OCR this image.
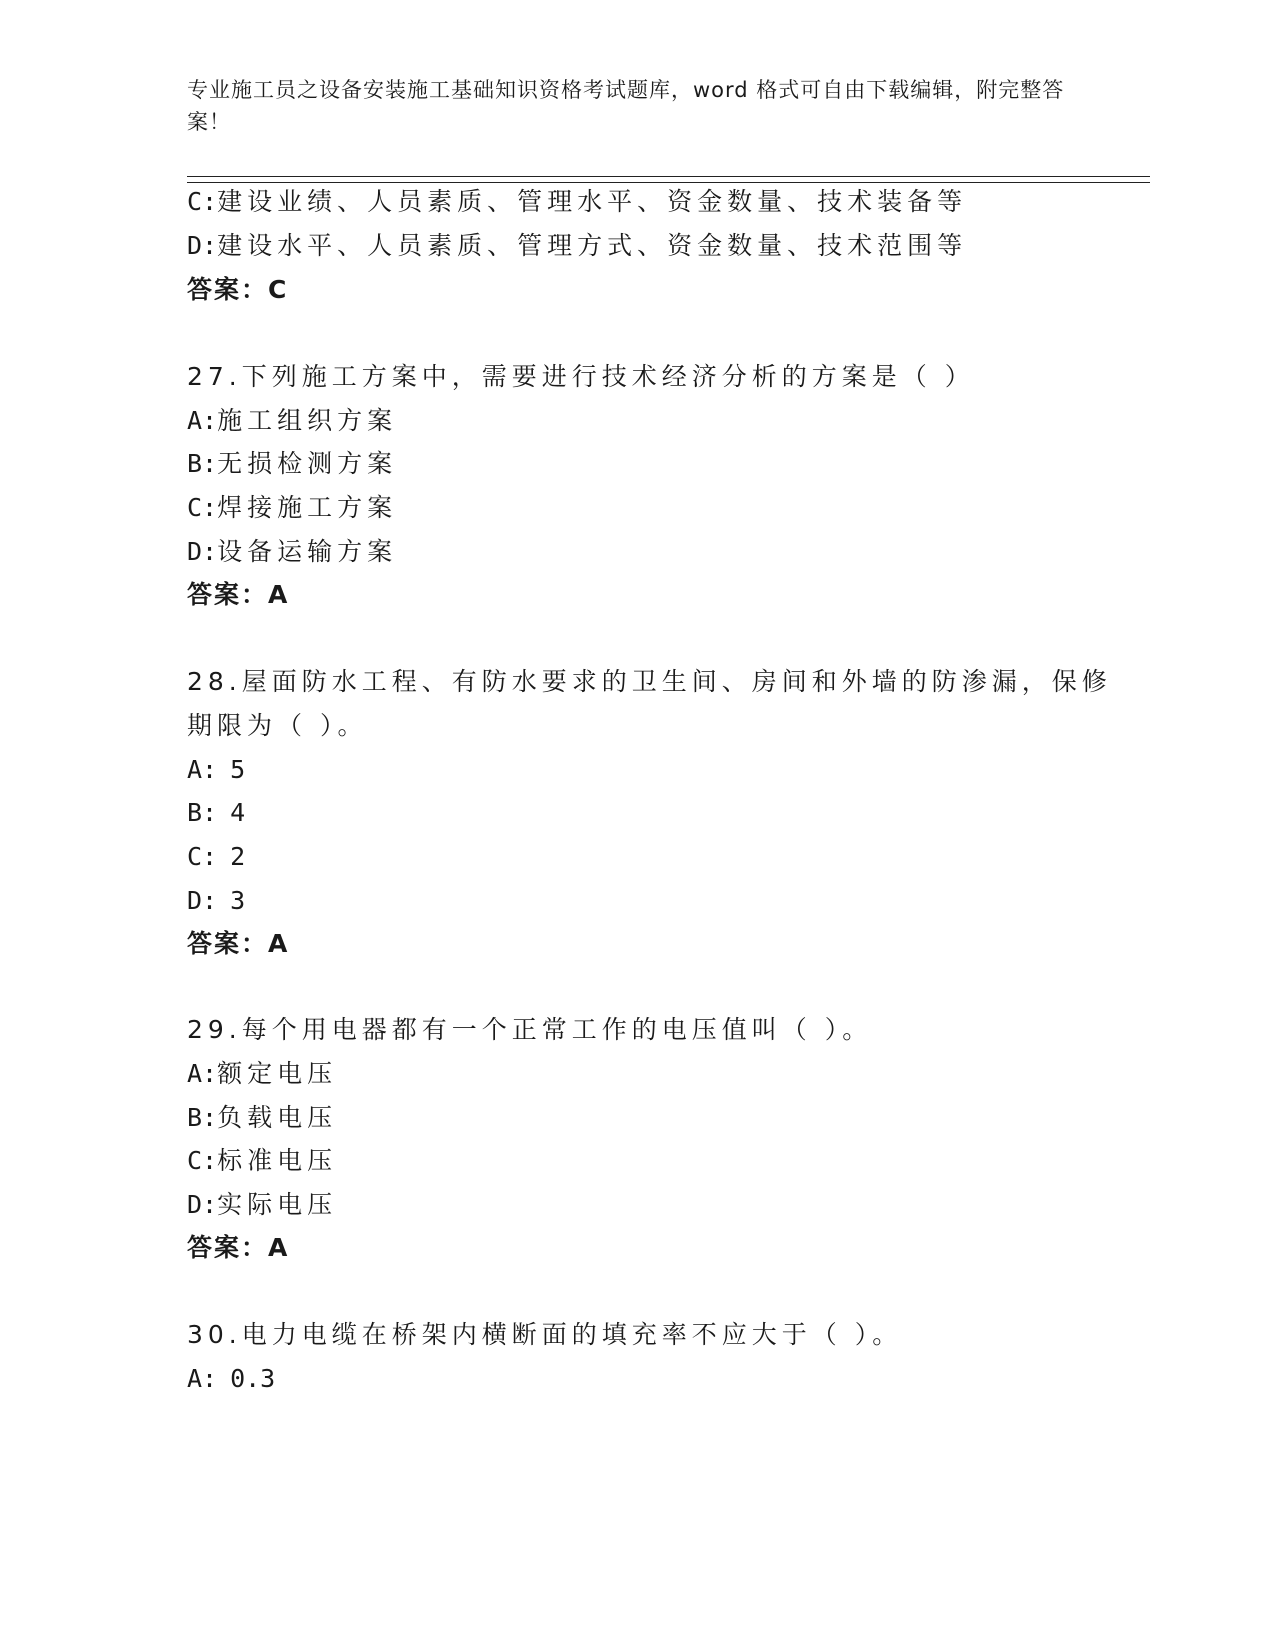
专业施工员之设备安装施工基础知识资格考试题库，word 格式可自由下载编辑，附完整答案！
C:建设业绩、人员素质、管理水平、资金数量、技术装备等
D:建设水平、人员素质、管理方式、资金数量、技术范围等
答案：C
27.下列施工方案中，需要进行技术经济分析的方案是（ ）
A:施工组织方案
B:无损检测方案
C:焊接施工方案
D:设备运输方案
答案：A
28.屋面防水工程、有防水要求的卫生间、房间和外墙的防渗漏，保修
期限为（ ）。
A: 5
B: 4
C: 2
D: 3
答案：A
29.每个用电器都有一个正常工作的电压值叫（ ）。
A:额定电压
B:负载电压
C:标准电压
D:实际电压
答案：A
30.电力电缆在桥架内横断面的填充率不应大于（ ）。
A: 0.3
